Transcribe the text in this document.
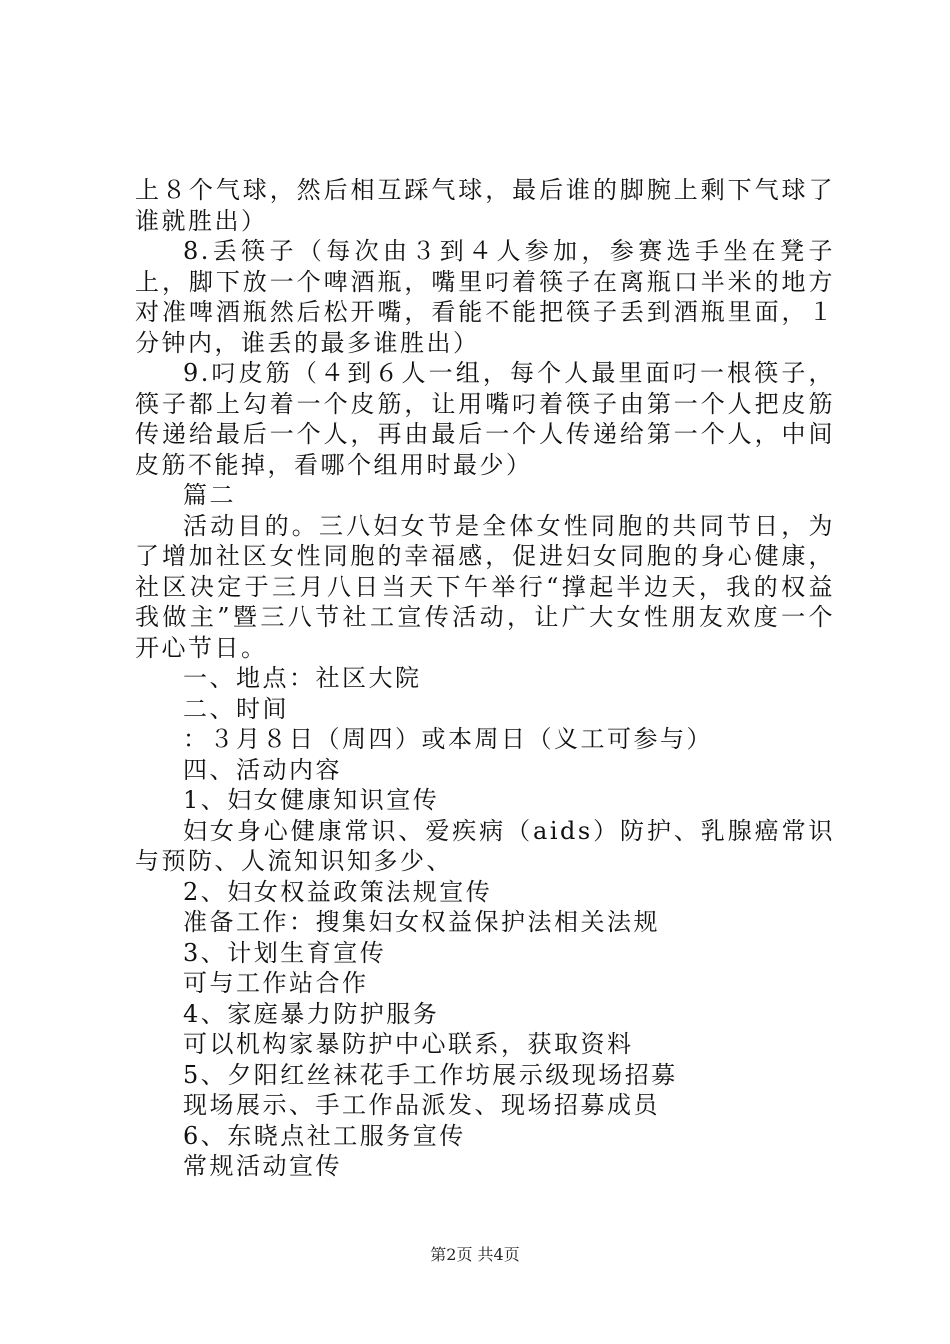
上８个气球，然后相互踩气球，最后谁的脚腕上剩下气球了谁就胜出）

8.丢筷子（每次由３到４人参加，参赛选手坐在凳子上，脚下放一个啤酒瓶，嘴里叼着筷子在离瓶口半米的地方对准啤酒瓶然后松开嘴，看能不能把筷子丢到酒瓶里面，１分钟内，谁丢的最多谁胜出）

9.叼皮筋（４到６人一组，每个人最里面叼一根筷子，筷子都上勾着一个皮筋，让用嘴叼着筷子由第一个人把皮筋传递给最后一个人，再由最后一个人传递给第一个人，中间皮筋不能掉，看哪个组用时最少）

篇二

活动目的。三八妇女节是全体女性同胞的共同节日，为了增加社区女性同胞的幸福感，促进妇女同胞的身心健康，社区决定于三月八日当天下午举行“撑起半边天，我的权益我做主”暨三八节社工宣传活动，让广大女性朋友欢度一个开心节日。

一、地点：社区大院

二、时间

：３月８日（周四）或本周日（义工可参与）

四、活动内容

1、妇女健康知识宣传

妇女身心健康常识、爱疾病（aids）防护、乳腺癌常识与预防、人流知识知多少、

2、妇女权益政策法规宣传

准备工作：搜集妇女权益保护法相关法规

3、计划生育宣传

可与工作站合作

4、家庭暴力防护服务

可以机构家暴防护中心联系，获取资料

5、夕阳红丝袜花手工作坊展示级现场招募

现场展示、手工作品派发、现场招募成员

6、东晓点社工服务宣传

常规活动宣传

第2页 共4页
